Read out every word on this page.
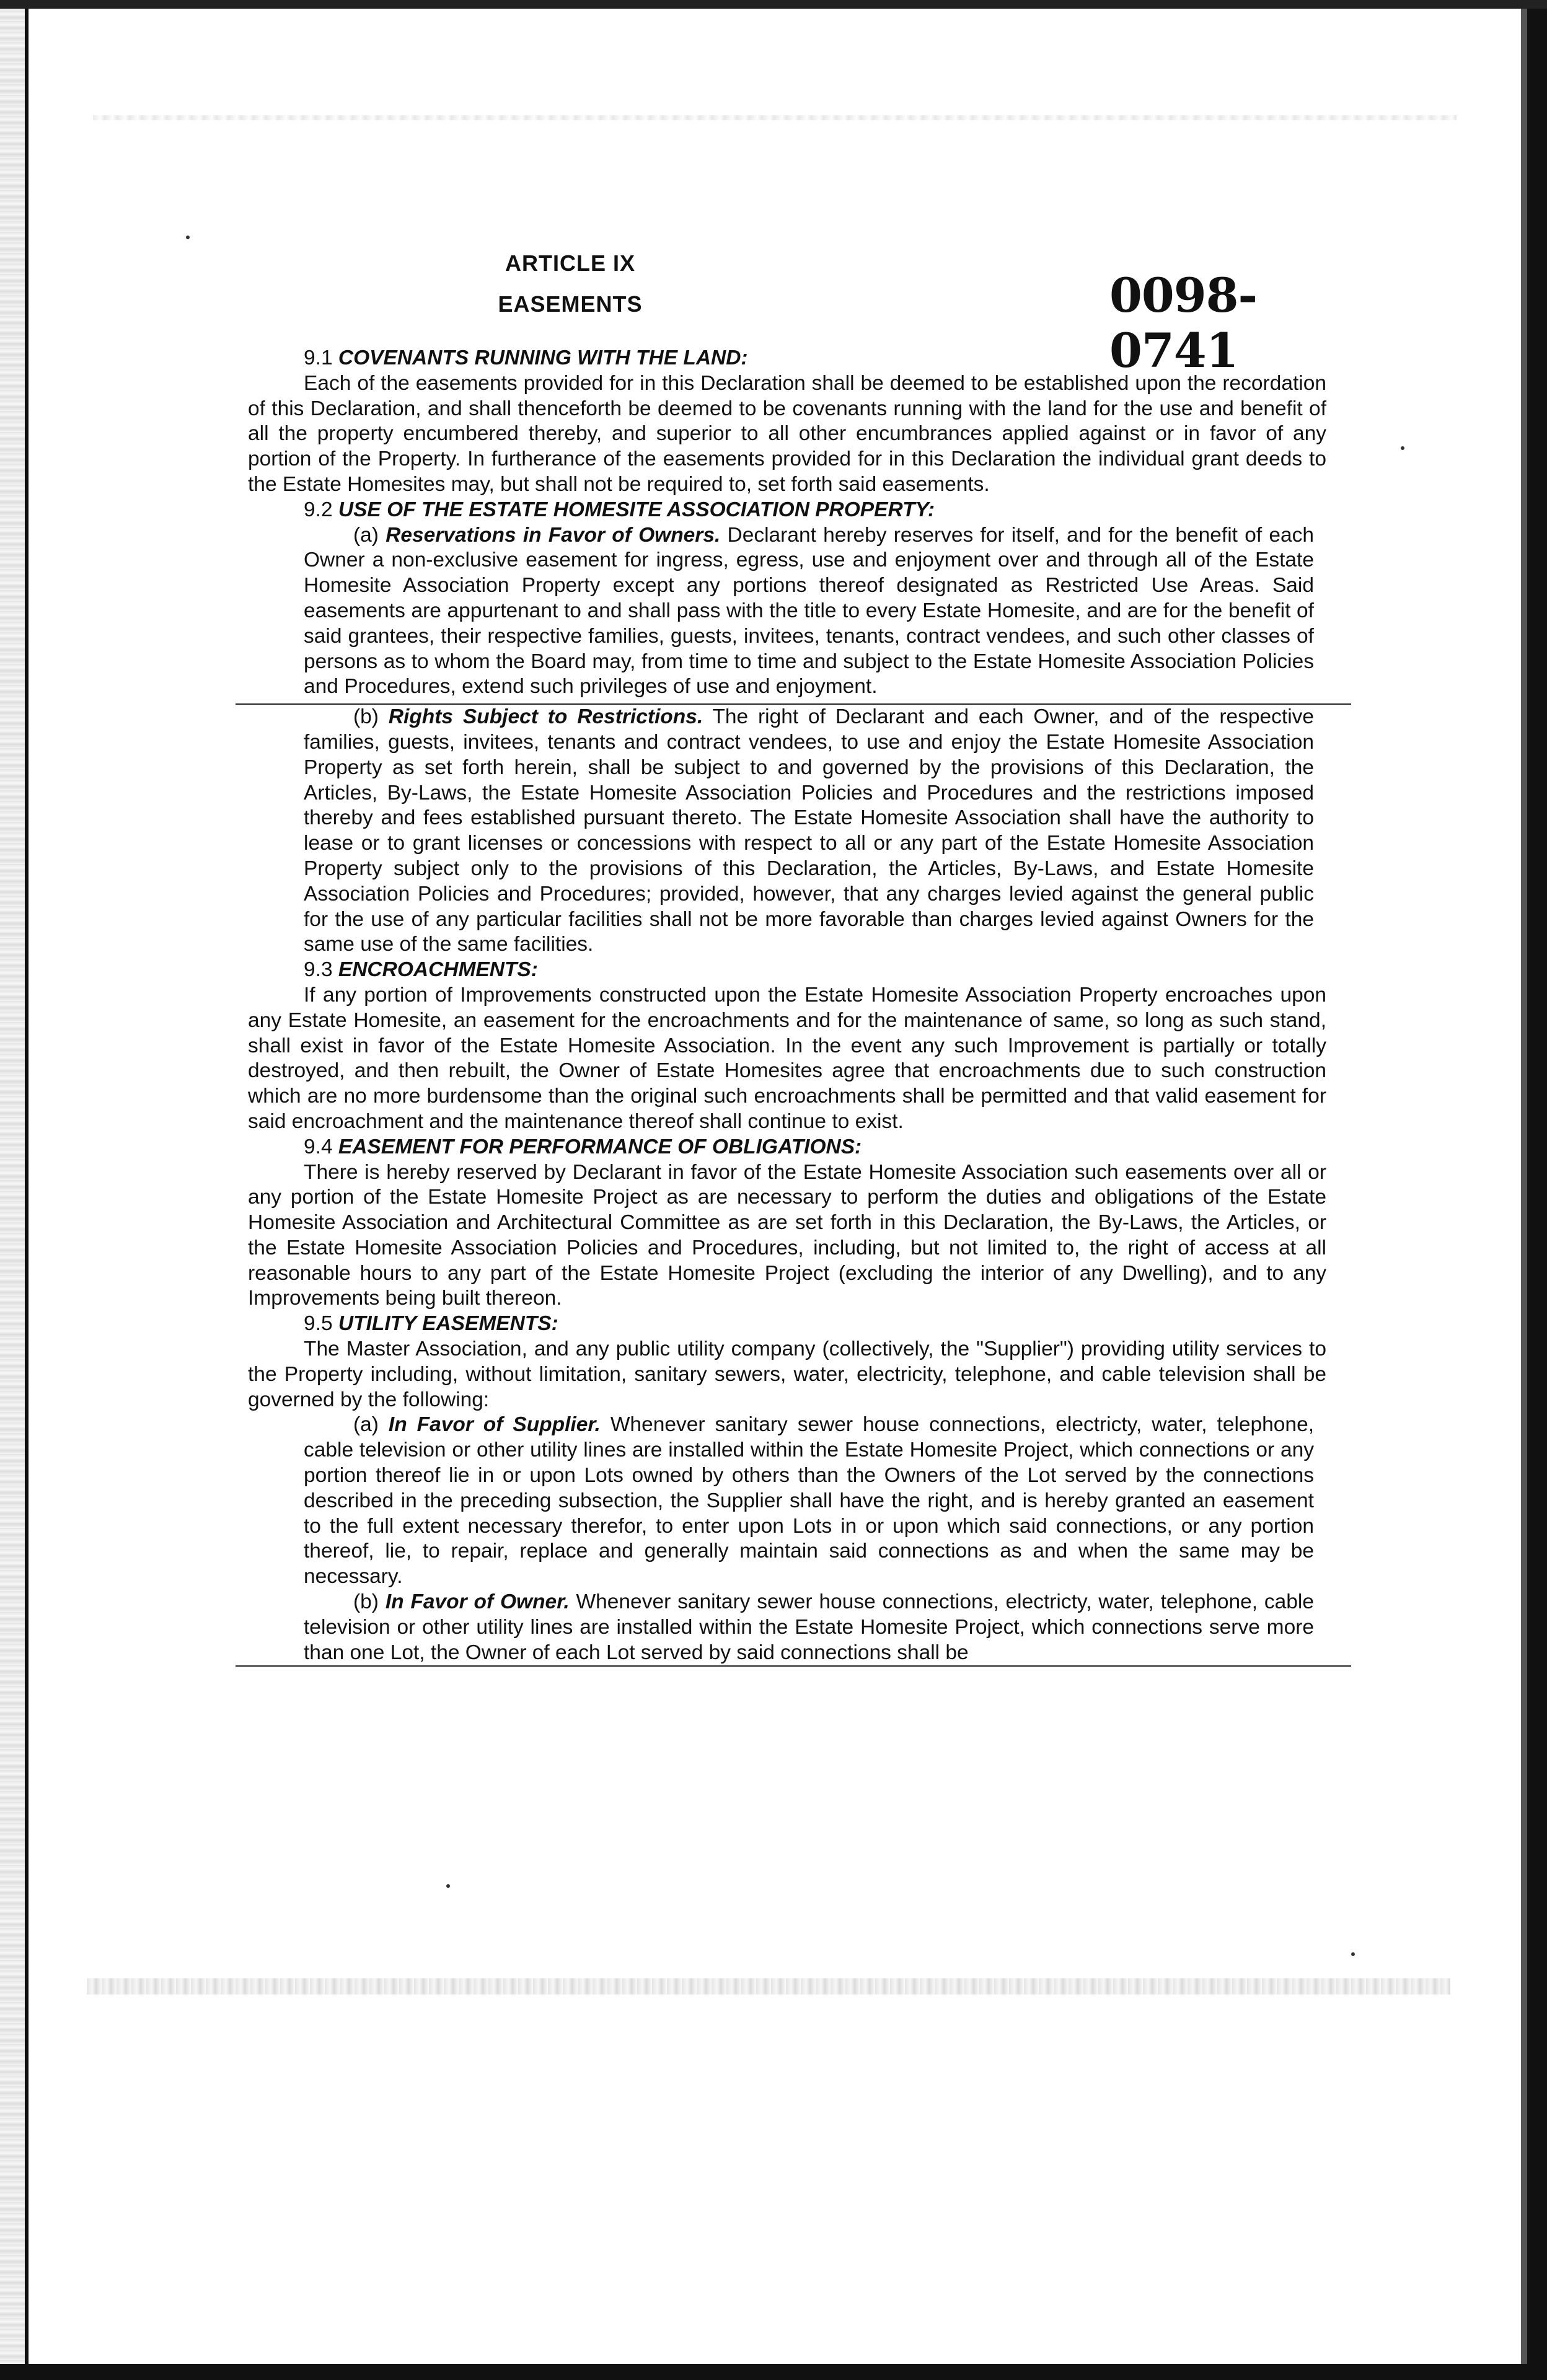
ARTICLE IX
EASEMENTS	0098-0741

9.1 COVENANTS RUNNING WITH THE LAND:

Each of the easements provided for in this Declaration shall be deemed to be established upon the recordation of this Declaration, and shall thenceforth be deemed to be covenants running with the land for the use and benefit of all the property encumbered thereby, and superior to all other encumbrances applied against or in favor of any portion of the Property. In furtherance of the easements provided for in this Declaration the individual grant deeds to the Estate Homesites may, but shall not be required to, set forth said easements.

9.2 USE OF THE ESTATE HOMESITE ASSOCIATION PROPERTY:

(a) Reservations in Favor of Owners. Declarant hereby reserves for itself, and for the benefit of each Owner a non-exclusive easement for ingress, egress, use and enjoyment over and through all of the Estate Homesite Association Property except any portions thereof designated as Restricted Use Areas. Said easements are appurtenant to and shall pass with the title to every Estate Homesite, and are for the benefit of said grantees, their respective families, guests, invitees, tenants, contract vendees, and such other classes of persons as to whom the Board may, from time to time and subject to the Estate Homesite Association Policies and Procedures, extend such privileges of use and enjoyment.

(b) Rights Subject to Restrictions. The right of Declarant and each Owner, and of the respective families, guests, invitees, tenants and contract vendees, to use and enjoy the Estate Homesite Association Property as set forth herein, shall be subject to and governed by the provisions of this Declaration, the Articles, By-Laws, the Estate Homesite Association Policies and Procedures and the restrictions imposed thereby and fees established pursuant thereto. The Estate Homesite Association shall have the authority to lease or to grant licenses or concessions with respect to all or any part of the Estate Homesite Association Property subject only to the provisions of this Declaration, the Articles, By-Laws, and Estate Homesite Association Policies and Procedures; provided, however, that any charges levied against the general public for the use of any particular facilities shall not be more favorable than charges levied against Owners for the same use of the same facilities.

9.3 ENCROACHMENTS:

If any portion of Improvements constructed upon the Estate Homesite Association Property encroaches upon any Estate Homesite, an easement for the encroachments and for the maintenance of same, so long as such stand, shall exist in favor of the Estate Homesite Association. In the event any such Improvement is partially or totally destroyed, and then rebuilt, the Owner of Estate Homesites agree that encroachments due to such construction which are no more burdensome than the original such encroachments shall be permitted and that valid easement for said encroachment and the maintenance thereof shall continue to exist.

9.4 EASEMENT FOR PERFORMANCE OF OBLIGATIONS:

There is hereby reserved by Declarant in favor of the Estate Homesite Association such easements over all or any portion of the Estate Homesite Project as are necessary to perform the duties and obligations of the Estate Homesite Association and Architectural Committee as are set forth in this Declaration, the By-Laws, the Articles, or the Estate Homesite Association Policies and Procedures, including, but not limited to, the right of access at all reasonable hours to any part of the Estate Homesite Project (excluding the interior of any Dwelling), and to any Improvements being built thereon.

9.5 UTILITY EASEMENTS:

The Master Association, and any public utility company (collectively, the "Supplier") providing utility services to the Property including, without limitation, sanitary sewers, water, electricity, telephone, and cable television shall be governed by the following:

(a) In Favor of Supplier. Whenever sanitary sewer house connections, electricty, water, telephone, cable television or other utility lines are installed within the Estate Homesite Project, which connections or any portion thereof lie in or upon Lots owned by others than the Owners of the Lot served by the connections described in the preceding subsection, the Supplier shall have the right, and is hereby granted an easement to the full extent necessary therefor, to enter upon Lots in or upon which said connections, or any portion thereof, lie, to repair, replace and generally maintain said connections as and when the same may be necessary.

(b) In Favor of Owner. Whenever sanitary sewer house connections, electricty, water, telephone, cable television or other utility lines are installed within the Estate Homesite Project, which connections serve more than one Lot, the Owner of each Lot served by said connections shall be
